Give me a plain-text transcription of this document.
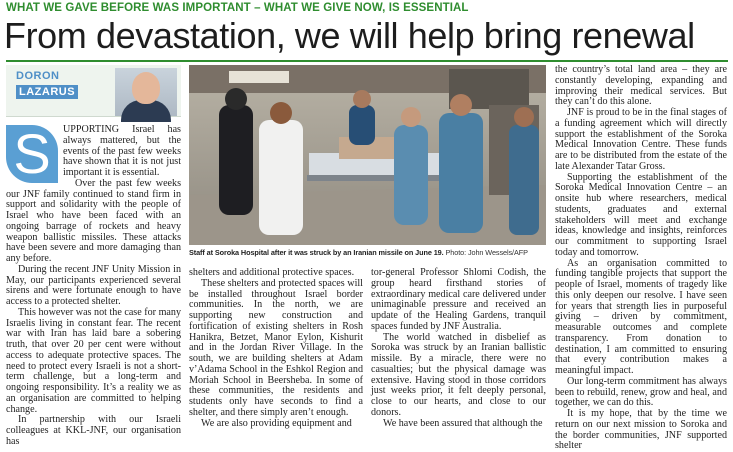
WHAT WE GAVE BEFORE WAS IMPORTANT – WHAT WE GIVE NOW, IS ESSENTIAL
From devastation, we will help bring renewal
DORON
LAZARUS
S	UPPORTING Israel has always mattered, but the events of the past few weeks have shown that it is not just important it is essential.

Over the past few weeks our JNF family continued to stand firm in support and solidarity with the people of Israel who have been faced with an ongoing barrage of rockets and heavy weapon ballistic missiles. These attacks have been severe and more damaging than any before.

During the recent JNF Unity Mission in May, our participants experienced several sirens and were fortunate enough to have access to a protected shelter.

This however was not the case for many Israelis living in constant fear. The recent war with Iran has laid bare a sobering truth, that over 20 per cent were without access to adequate protective spaces. The need to protect every Israeli is not a short-term challenge, but a long-term and ongoing responsibility. It’s a reality we as an organisation are committed to helping change.

In partnership with our Israeli colleagues at KKL-JNF, our organisation has

Staff at Soroka Hospital after it was struck by an Iranian missile on June 19. Photo: John Wessels/AFP

shelters and additional protective spaces.

These shelters and protected spaces will be installed throughout Israel border communities. In the north, we are supporting new construction and fortification of existing shelters in Rosh Hanikra, Betzet, Manor Eylon, Kishurit and in the Jordan River Village. In the south, we are building shelters at Adam v’Adama School in the Eshkol Region and Moriah School in Beersheba. In some of these communities, the residents and students only have seconds to find a shelter, and there simply aren’t enough.

We are also providing equipment and

tor-general Professor Shlomi Codish, the group heard firsthand stories of extraordinary medical care delivered under unimaginable pressure and received an update of the Healing Gardens, tranquil spaces funded by JNF Australia.

The world watched in disbelief as Soroka was struck by an Iranian ballistic missile. By a miracle, there were no casualties; but the physical damage was extensive. Having stood in those corridors just weeks prior, it felt deeply personal, close to our hearts, and close to our donors.

We have been assured that although the

the country’s total land area – they are constantly developing, expanding and improving their medical services. But they can’t do this alone.

JNF is proud to be in the final stages of a funding agreement which will directly support the establishment of the Soroka Medical Innovation Centre. These funds are to be distributed from the estate of the late Alexander Tatar Gross.

Supporting the establishment of the Soroka Medical Innovation Centre – an onsite hub where researchers, medical students, graduates and external stakeholders will meet and exchange ideas, knowledge and insights, reinforces our commitment to supporting Israel today and tomorrow.

As an organisation committed to funding tangible projects that support the people of Israel, moments of tragedy like this only deepen our resolve. I have seen for years that strength lies in purposeful giving – driven by commitment, measurable outcomes and complete transparency. From donation to destination, I am committed to ensuring that every contribution makes a meaningful impact.

Our long-term commitment has always been to rebuild, renew, grow and heal, and together, we can do this.

It is my hope, that by the time we return on our next mission to Soroka and the border communities, JNF supported shelter
